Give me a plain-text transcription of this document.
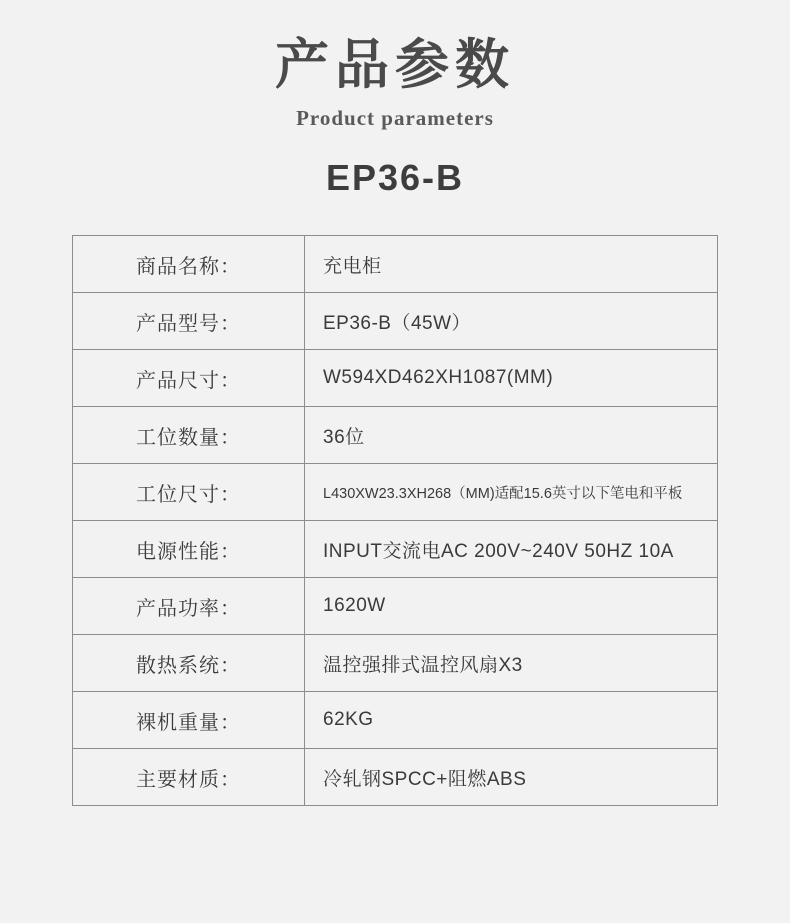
产品参数
Product parameters
EP36-B
商品名称：	充电柜
产品型号：	EP36-B（45W）
产品尺寸：	W594XD462XH1087(MM)
工位数量：	36位
工位尺寸：	L430XW23.3XH268（MM)适配15.6英寸以下笔电和平板
电源性能：	INPUT交流电AC 200V~240V 50HZ 10A
产品功率：	1620W
散热系统：	温控强排式温控风扇X3
裸机重量：	62KG
主要材质：	冷轧钢SPCC+阻燃ABS
